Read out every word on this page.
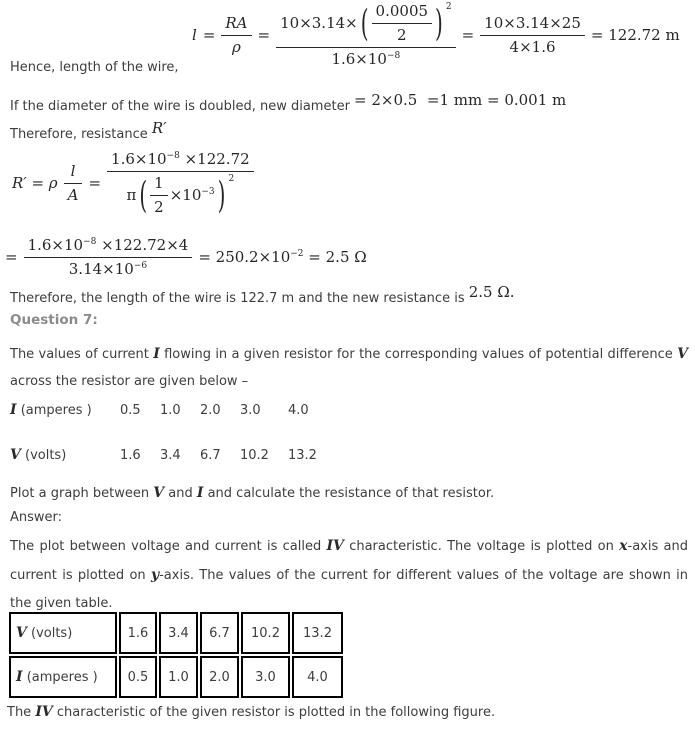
$l = \frac{RA}{\rho}$ =
10×3.14× ( $\frac{0.0005}{2}$ ) $^2$
$1.6\times 10^{-8}$
= $\frac{10\times 3.14\times 25}{4\times 1.6} = 122.72$ m
Hence, length of the wire,
If the diameter of the wire is doubled, new diameter = 2×0.5  =1 mm = 0.001 m
Therefore, resistance R′
R′ = ρ $\frac{l}{A}$ =
$1.6\times 10^{-8} \times 122.72$
π ( $\frac{1}{2} \times 10^{-3}$ ) $^2$
= $\frac{1.6\times 10^{-8} \times 122.72\times 4}{3.14\times 10^{-6}} = 250.2\times 10^{-2} = 2.5$ Ω
Therefore, the length of the wire is 122.7 m and the new resistance is 2.5 Ω.
Question 7:
The values of current I flowing in a given resistor for the corresponding values of potential difference V across the resistor are given below –
I (amperes ) 0.5 1.0 2.0 3.0 4.0
V (volts)	1.6 3.4 6.7 10.2 13.2
Plot a graph between V and I and calculate the resistance of that resistor.
Answer:
The plot between voltage and current is called IV characteristic. The voltage is plotted on x-axis and current is plotted on y-axis. The values of the current for different values of the voltage are shown in the given table.
V (volts)	1.6	3.4	6.7	10.2	13.2
I (amperes )	0.5	1.0	2.0	3.0	4.0
The IV characteristic of the given resistor is plotted in the following figure.
